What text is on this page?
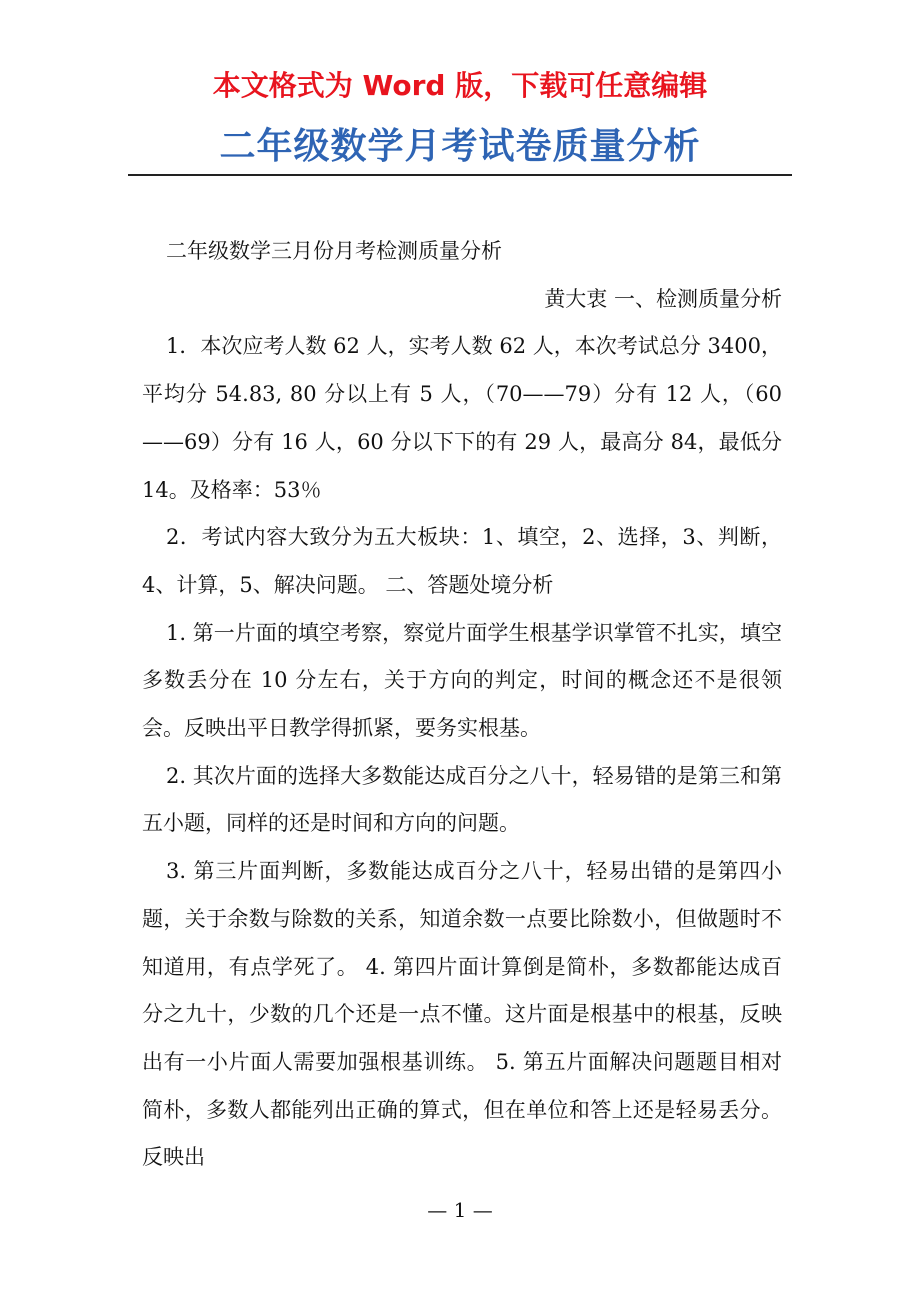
本文格式为 Word 版，下载可任意编辑
二年级数学月考试卷质量分析

二年级数学三月份月考检测质量分析

黄大衷 一、检测质量分析

1．本次应考人数 62 人，实考人数 62 人，本次考试总分 3400，平均分 54.83, 80 分以上有 5 人，（70——79）分有 12 人，（60——69）分有 16 人，60 分以下下的有 29 人，最高分 84，最低分 14。及格率：53％

2．考试内容大致分为五大板块：1、填空，2、选择，3、判断，4、计算，5、解决问题。 二、答题处境分析

1. 第一片面的填空考察，察觉片面学生根基学识掌管不扎实，填空多数丢分在 10 分左右，关于方向的判定，时间的概念还不是很领会。反映出平日教学得抓紧，要务实根基。

2. 其次片面的选择大多数能达成百分之八十，轻易错的是第三和第五小题，同样的还是时间和方向的问题。

3. 第三片面判断，多数能达成百分之八十，轻易出错的是第四小题，关于余数与除数的关系，知道余数一点要比除数小，但做题时不知道用，有点学死了。 4. 第四片面计算倒是简朴，多数都能达成百分之九十，少数的几个还是一点不懂。这片面是根基中的根基，反映出有一小片面人需要加强根基训练。 5. 第五片面解决问题题目相对简朴，多数人都能列出正确的算式，但在单位和答上还是轻易丢分。反映出

— 1 —
